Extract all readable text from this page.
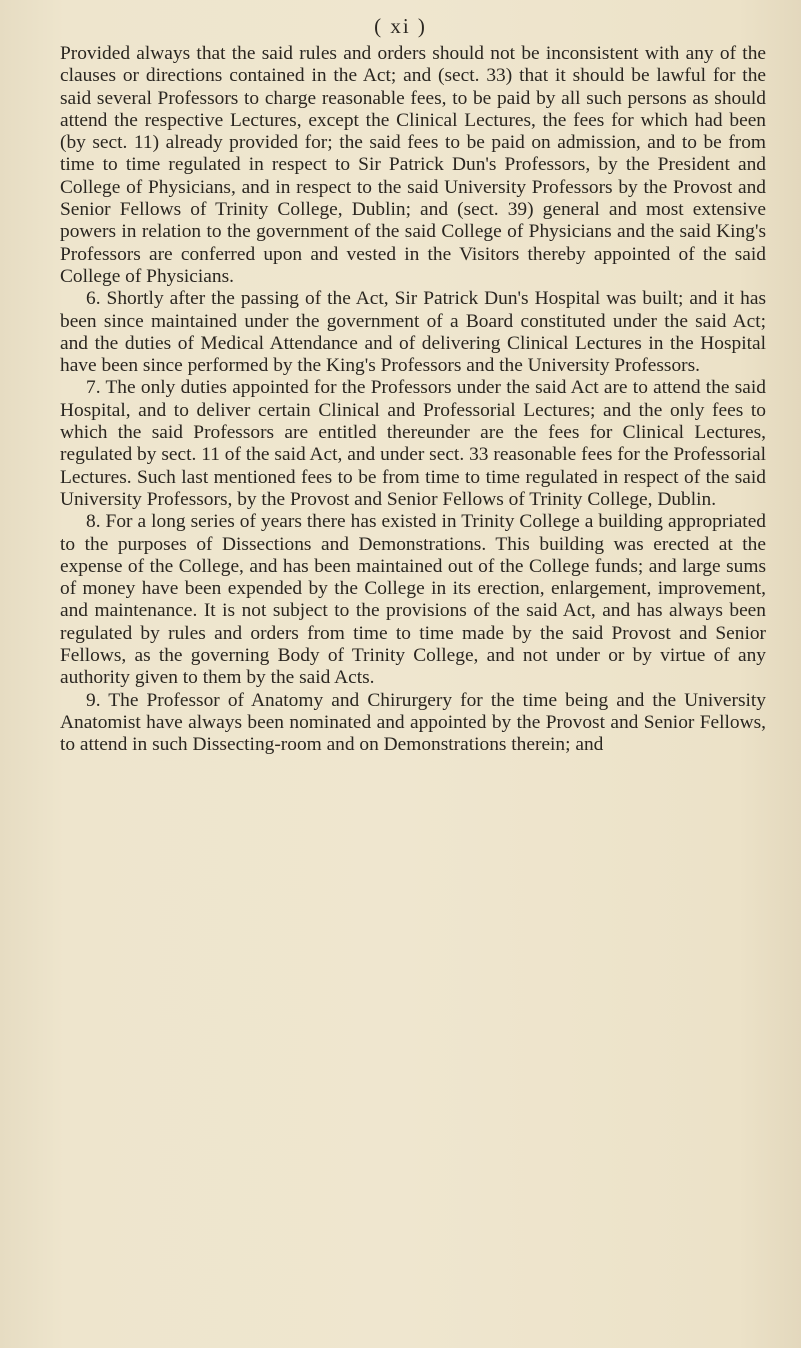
( xi )

Provided always that the said rules and orders should not be inconsistent with any of the clauses or directions contained in the Act; and (sect. 33) that it should be lawful for the said several Professors to charge reasonable fees, to be paid by all such persons as should attend the respective Lectures, except the Clinical Lectures, the fees for which had been (by sect. 11) already provided for; the said fees to be paid on admission, and to be from time to time regulated in respect to Sir Patrick Dun's Professors, by the President and College of Physicians, and in respect to the said University Professors by the Provost and Senior Fellows of Trinity College, Dublin; and (sect. 39) general and most extensive powers in relation to the government of the said College of Physicians and the said King's Professors are conferred upon and vested in the Visitors thereby appointed of the said College of Physicians.

6. Shortly after the passing of the Act, Sir Patrick Dun's Hospital was built; and it has been since maintained under the government of a Board constituted under the said Act; and the duties of Medical Attendance and of delivering Clinical Lectures in the Hospital have been since performed by the King's Professors and the University Professors.

7. The only duties appointed for the Professors under the said Act are to attend the said Hospital, and to deliver certain Clinical and Professorial Lectures; and the only fees to which the said Professors are entitled thereunder are the fees for Clinical Lectures, regulated by sect. 11 of the said Act, and under sect. 33 reasonable fees for the Professorial Lectures. Such last mentioned fees to be from time to time regulated in respect of the said University Professors, by the Provost and Senior Fellows of Trinity College, Dublin.

8. For a long series of years there has existed in Trinity College a building appropriated to the purposes of Dissections and Demonstrations. This building was erected at the expense of the College, and has been maintained out of the College funds; and large sums of money have been expended by the College in its erection, enlargement, improvement, and maintenance. It is not subject to the provisions of the said Act, and has always been regulated by rules and orders from time to time made by the said Provost and Senior Fellows, as the governing Body of Trinity College, and not under or by virtue of any authority given to them by the said Acts.

9. The Professor of Anatomy and Chirurgery for the time being and the University Anatomist have always been nominated and appointed by the Provost and Senior Fellows, to attend in such Dissecting-room and on Demonstrations therein; and
